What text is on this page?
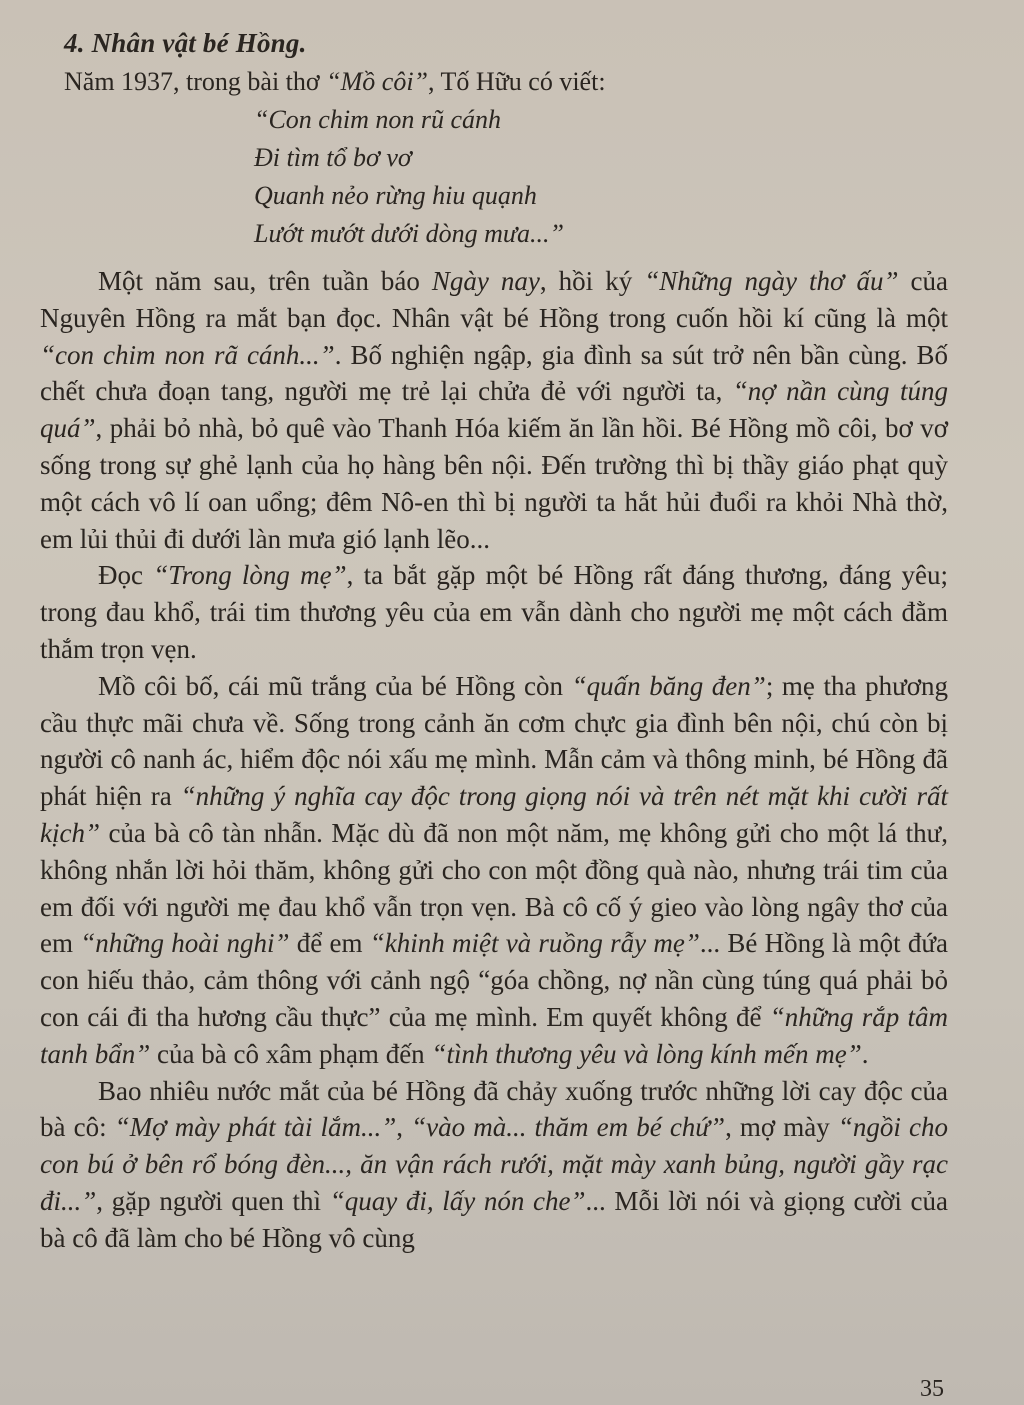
4. Nhân vật bé Hồng.
Năm 1937, trong bài thơ “Mồ côi”, Tố Hữu có viết:
“Con chim non rũ cánh
Đi tìm tổ bơ vơ
Quanh nẻo rừng hiu quạnh
Lướt mướt dưới dòng mưa...”

Một năm sau, trên tuần báo Ngày nay, hồi ký “Những ngày thơ ấu” của Nguyên Hồng ra mắt bạn đọc. Nhân vật bé Hồng trong cuốn hồi kí cũng là một “con chim non rã cánh...”. Bố nghiện ngập, gia đình sa sút trở nên bần cùng. Bố chết chưa đoạn tang, người mẹ trẻ lại chửa đẻ với người ta, “nợ nần cùng túng quá”, phải bỏ nhà, bỏ quê vào Thanh Hóa kiếm ăn lần hồi. Bé Hồng mồ côi, bơ vơ sống trong sự ghẻ lạnh của họ hàng bên nội. Đến trường thì bị thầy giáo phạt quỳ một cách vô lí oan uổng; đêm Nô-en thì bị người ta hắt hủi đuổi ra khỏi Nhà thờ, em lủi thủi đi dưới làn mưa gió lạnh lẽo...

Đọc “Trong lòng mẹ”, ta bắt gặp một bé Hồng rất đáng thương, đáng yêu; trong đau khổ, trái tim thương yêu của em vẫn dành cho người mẹ một cách đằm thắm trọn vẹn.

Mồ côi bố, cái mũ trắng của bé Hồng còn “quấn băng đen”; mẹ tha phương cầu thực mãi chưa về. Sống trong cảnh ăn cơm chực gia đình bên nội, chú còn bị người cô nanh ác, hiểm độc nói xấu mẹ mình. Mẫn cảm và thông minh, bé Hồng đã phát hiện ra “những ý nghĩa cay độc trong giọng nói và trên nét mặt khi cười rất kịch” của bà cô tàn nhẫn. Mặc dù đã non một năm, mẹ không gửi cho một lá thư, không nhắn lời hỏi thăm, không gửi cho con một đồng quà nào, nhưng trái tim của em đối với người mẹ đau khổ vẫn trọn vẹn. Bà cô cố ý gieo vào lòng ngây thơ của em “những hoài nghi” để em “khinh miệt và ruồng rẫy mẹ”... Bé Hồng là một đứa con hiếu thảo, cảm thông với cảnh ngộ “góa chồng, nợ nần cùng túng quá phải bỏ con cái đi tha hương cầu thực” của mẹ mình. Em quyết không để “những rắp tâm tanh bẩn” của bà cô xâm phạm đến “tình thương yêu và lòng kính mến mẹ”.

Bao nhiêu nước mắt của bé Hồng đã chảy xuống trước những lời cay độc của bà cô: “Mợ mày phát tài lắm...”, “vào mà... thăm em bé chứ”, mợ mày “ngồi cho con bú ở bên rổ bóng đèn..., ăn vận rách rưới, mặt mày xanh bủng, người gầy rạc đi...”, gặp người quen thì “quay đi, lấy nón che”... Mỗi lời nói và giọng cười của bà cô đã làm cho bé Hồng vô cùng

35
